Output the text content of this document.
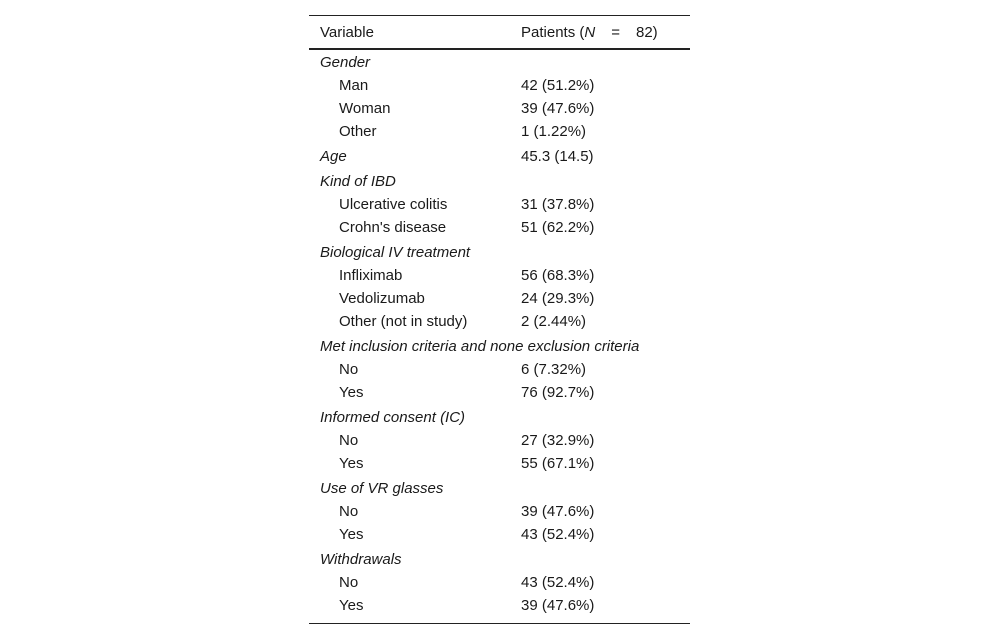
Variable	Patients (N = 82)
Gender
Man	42 (51.2%)
Woman	39 (47.6%)
Other	1 (1.22%)
Age	45.3 (14.5)
Kind of IBD
Ulcerative colitis	31 (37.8%)
Crohn's disease	51 (62.2%)
Biological IV treatment
Infliximab	56 (68.3%)
Vedolizumab	24 (29.3%)
Other (not in study)	2 (2.44%)
Met inclusion criteria and none exclusion criteria
No	6 (7.32%)
Yes	76 (92.7%)
Informed consent (IC)
No	27 (32.9%)
Yes	55 (67.1%)
Use of VR glasses
No	39 (47.6%)
Yes	43 (52.4%)
Withdrawals
No	43 (52.4%)
Yes	39 (47.6%)
